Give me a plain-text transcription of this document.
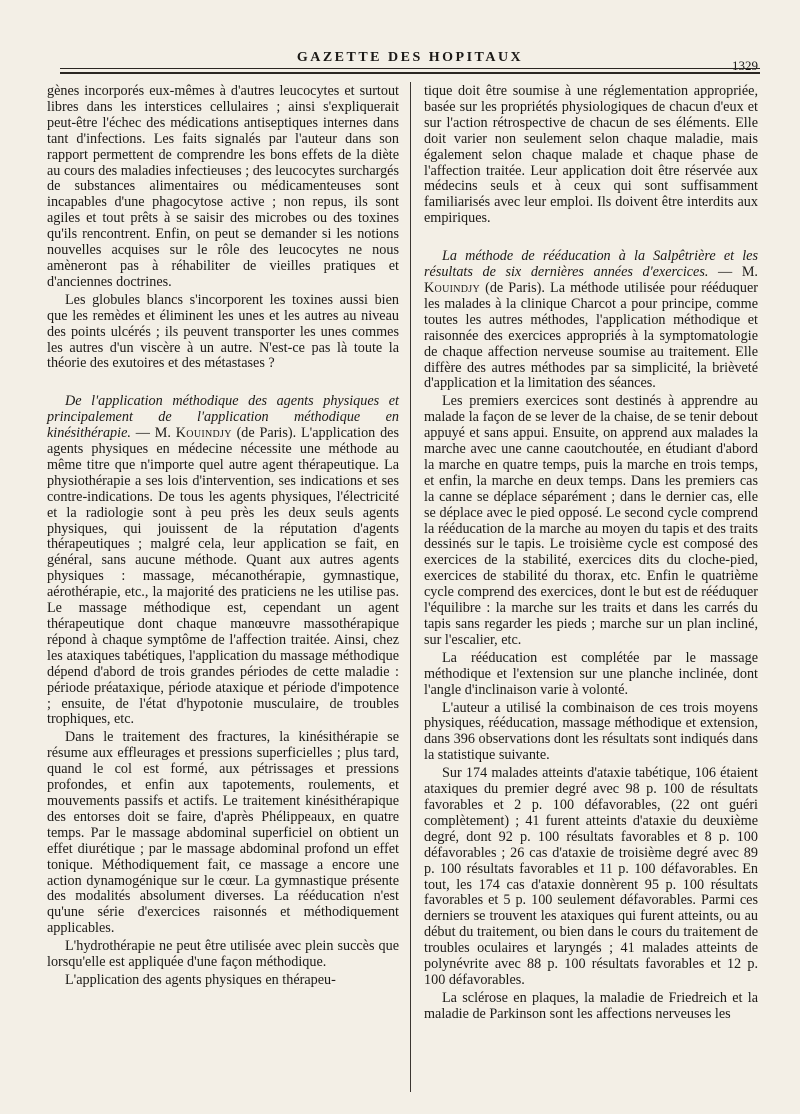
GAZETTE DES HOPITAUX
1329

gènes incorporés eux-mêmes à d'autres leucocytes et surtout libres dans les interstices cellulaires ; ainsi s'expliquerait peut-être l'échec des médications antiseptiques internes dans tant d'infections. Les faits signalés par l'auteur dans son rapport permettent de comprendre les bons effets de la diète au cours des maladies infectieuses ; des leucocytes surchargés de substances alimentaires ou médicamenteuses sont incapables d'une phagocytose active ; non repus, ils sont agiles et tout prêts à se saisir des microbes ou des toxines qu'ils rencontrent. Enfin, on peut se demander si les notions nouvelles acquises sur le rôle des leucocytes ne nous amèneront pas à réhabiliter de vieilles pratiques et d'anciennes doctrines.

Les globules blancs s'incorporent les toxines aussi bien que les remèdes et éliminent les unes et les autres au niveau des points ulcérés ; ils peuvent transporter les unes commes les autres d'un viscère à un autre. N'est-ce pas là toute la théorie des exutoires et des métastases ?

De l'application méthodique des agents physiques et principalement de l'application méthodique en kinésithérapie. — M. Kouindjy (de Paris). L'application des agents physiques en médecine nécessite une méthode au même titre que n'importe quel autre agent thérapeutique. La physiothérapie a ses lois d'intervention, ses indications et ses contre-indications. De tous les agents physiques, l'électricité et la radiologie sont à peu près les deux seuls agents physiques, qui jouissent de la réputation d'agents thérapeutiques ; malgré cela, leur application se fait, en général, sans aucune méthode. Quant aux autres agents physiques : massage, mécanothérapie, gymnastique, aérothérapie, etc., la majorité des praticiens ne les utilise pas. Le massage méthodique est, cependant un agent thérapeutique dont chaque manœuvre massothérapique répond à chaque symptôme de l'affection traitée. Ainsi, chez les ataxiques tabétiques, l'application du massage méthodique dépend d'abord de trois grandes périodes de cette maladie : période préataxique, période ataxique et période d'impotence ; ensuite, de l'état d'hypotonie musculaire, de troubles trophiques, etc.

Dans le traitement des fractures, la kinésithérapie se résume aux effleurages et pressions superficielles ; plus tard, quand le col est formé, aux pétrissages et pressions profondes, et enfin aux tapotements, roulements, et mouvements passifs et actifs. Le traitement kinésithérapique des entorses doit se faire, d'après Phélippeaux, en quatre temps. Par le massage abdominal superficiel on obtient un effet diurétique ; par le massage abdominal profond un effet tonique. Méthodiquement fait, ce massage a encore une action dynamogénique sur le cœur. La gymnastique présente des modalités absolument diverses. La rééducation n'est qu'une série d'exercices raisonnés et méthodiquement applicables.

L'hydrothérapie ne peut être utilisée avec plein succès que lorsqu'elle est appliquée d'une façon méthodique.

L'application des agents physiques en thérapeu-

tique doit être soumise à une réglementation appropriée, basée sur les propriétés physiologiques de chacun d'eux et sur l'action rétrospective de chacun de ses éléments. Elle doit varier non seulement selon chaque maladie, mais également selon chaque malade et chaque phase de l'affection traitée. Leur application doit être réservée aux médecins seuls et à ceux qui sont suffisamment familiarisés avec leur emploi. Ils doivent être interdits aux empiriques.

La méthode de rééducation à la Salpêtrière et les résultats de six dernières années d'exercices. — M. Kouindjy (de Paris). La méthode utilisée pour rééduquer les malades à la clinique Charcot a pour principe, comme toutes les autres méthodes, l'application méthodique et raisonnée des exercices appropriés à la symptomatologie de chaque affection nerveuse soumise au traitement. Elle diffère des autres méthodes par sa simplicité, la brièveté d'application et la limitation des séances.

Les premiers exercices sont destinés à apprendre au malade la façon de se lever de la chaise, de se tenir debout appuyé et sans appui. Ensuite, on apprend aux malades la marche avec une canne caoutchoutée, en étudiant d'abord la marche en quatre temps, puis la marche en trois temps, et enfin, la marche en deux temps. Dans les premiers cas la canne se déplace séparément ; dans le dernier cas, elle se déplace avec le pied opposé. Le second cycle comprend la rééducation de la marche au moyen du tapis et des traits dessinés sur le tapis. Le troisième cycle est composé des exercices de la stabilité, exercices dits du cloche-pied, exercices de stabilité du thorax, etc. Enfin le quatrième cycle comprend des exercices, dont le but est de rééduquer l'équilibre : la marche sur les traits et dans les carrés du tapis sans regarder les pieds ; marche sur un plan incliné, sur l'escalier, etc.

La rééducation est complétée par le massage méthodique et l'extension sur une planche inclinée, dont l'angle d'inclinaison varie à volonté.

L'auteur a utilisé la combinaison de ces trois moyens physiques, rééducation, massage méthodique et extension, dans 396 observations dont les résultats sont indiqués dans la statistique suivante.

Sur 174 malades atteints d'ataxie tabétique, 106 étaient ataxiques du premier degré avec 98 p. 100 de résultats favorables et 2 p. 100 défavorables, (22 ont guéri complètement) ; 41 furent atteints d'ataxie du deuxième degré, dont 92 p. 100 résultats favorables et 8 p. 100 défavorables ; 26 cas d'ataxie de troisième degré avec 89 p. 100 résultats favorables et 11 p. 100 défavorables. En tout, les 174 cas d'ataxie donnèrent 95 p. 100 résultats favorables et 5 p. 100 seulement défavorables. Parmi ces derniers se trouvent les ataxiques qui furent atteints, ou au début du traitement, ou bien dans le cours du traitement de troubles oculaires et laryngés ; 41 malades atteints de polynévrite avec 88 p. 100 résultats favorables et 12 p. 100 défavorables.

La sclérose en plaques, la maladie de Friedreich et la maladie de Parkinson sont les affections nerveuses les
